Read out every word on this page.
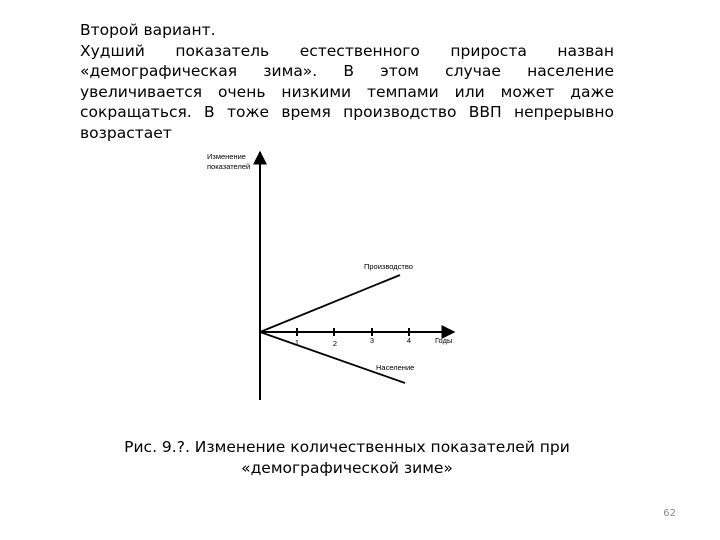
Второй вариант.

Худший показатель естественного прироста назван «демографическая зима». В этом случае население увеличивается очень низкими темпами или может даже сокращаться. В тоже время производство ВВП непрерывно возрастает

Изменение
показателей
Годы
1	2	3	4
Производство
Население
Рис. 9.?. Изменение количественных показателей при
«демографической зиме»
62
